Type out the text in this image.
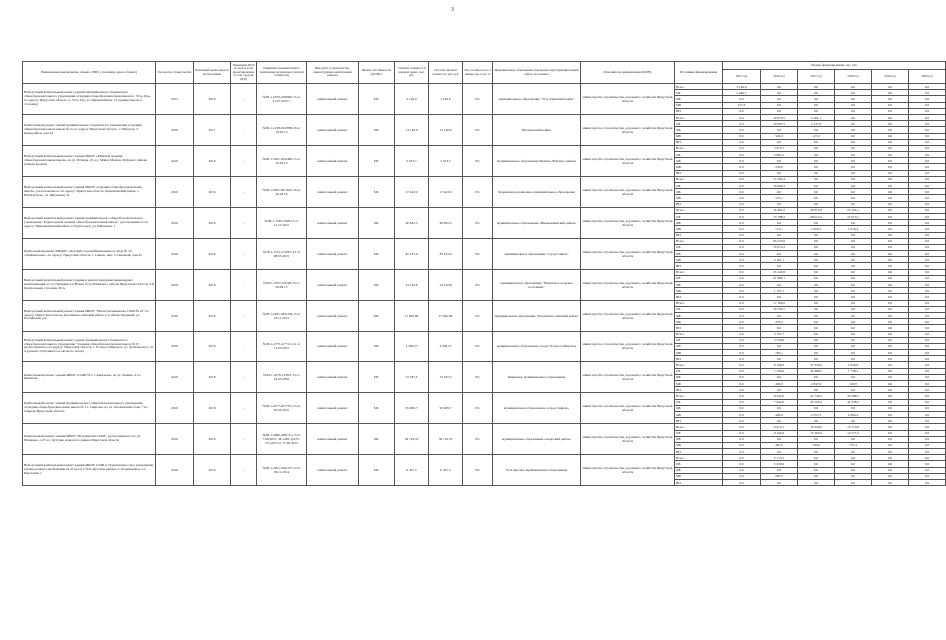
3
Наименование мероприятия, объекта, ПИР (с указанием адреса объекта)	Год начала строительства	Плановый период ввода в эксплуатацию	Реквизиты ПСД (в случае если проектирование за счет средств ОГБ)	Реквизиты положительного заключения экспертизы (сметной стоимости)	Вид работ (строительство, реконструкция, капитальный ремонт)	Форма собственности (ОГ/МС)	Сметная стоимость в текущих ценах, тыс. руб.	Остаток сметной стоимости, тыс. руб.	Тех. готовность на 1 января тек. года, %	Муниципальное образование (городской округ/муниципальный район, поселение)	Исполнитель (наименование ЦОГВ)	Источники финансирования	Объемы финансирования, тыс. руб.					
													2015 год	2016 год	2017 год	2018 год	2019 год	2020 год
Выборочный капитальный ремонт зданий муниципального бюджетного общеобразовательного учреждения «Средняя общеобразовательная школа п. Усть-Уда» по адресу: Иркутская область, п. Усть-Уда, ул. Первомайская, 13 (здание школы и столовая)	2015	2016	-	№38-1-2570-2/00000-15 от 31.07.2015 г.	капитальный ремонт	МС	3 146,0	3 146,0	0%	муниципальное образование "Усть-Удинский район"	министерство строительства, дорожного хозяйства Иркутской области	Всего	3 146,0	0,0	0,0	0,0	0,0	0,0
												ОБ	2 946,7	0,0	0,0	0,0	0,0	0,0
												ФБ	0,0	0,0	0,0	0,0	0,0	0,0
												МБ	157,3	0,0	0,0	0,0	0,0	0,0
												ВИ	0,0	0,0	0,0	0,0	0,0	0,0
Капитальный ремонт здания муниципального бюджетного учреждения «Средняя общеобразовательная школа № 2» по адресу: Иркутская область, г. Шелехов, 4 микрорайон, дом 44	2016	2017	-	№38-1-1238-02/0858-16 от 19.05.15	капитальный ремонт	МС	13 146,6	13 146,6	0%	Шелеховский район	министерство строительства, дорожного хозяйства Иркутской области	Всего	0,0	10 079,5	2 261,1	0,0	0,0	0,0
												ОБ	0,0	10 067,5	2 137,9	0,0	0,0	0,0
												ФБ	0,0	0,0	0,0	0,0	0,0	0,0
												МБ	0,0	502,0	127,2	0,0	0,0	0,0
												ВИ	0,0	0,0	0,0	0,0	0,0	0,0
Выборочный капитальный ремонт здания МКОУ «Майская средняя общеобразовательная школа» по ул. Победы, 10 в д. Майск Мамско-Чуйского района (замена кровли)	2016	2016	-	№38-1-5261-02/6490-15 от 25.05.15	капитальный ремонт	МС	5 913,7	5 913,7	0%	муниципальное образование Мамско-Чуйского района	министерство строительства, дорожного хозяйства Иркутской области	Всего	0,0	5 913,7	0,0	0,0	0,0	0,0
												ОБ	0,0	5 683,1	0,0	0,0	0,0	0,0
												ФБ	0,0	0,0	0,0	0,0	0,0	0,0
												МБ	0,0	230,6	0,0	0,0	0,0	0,0
												ВИ	0,0	0,0	0,0	0,0	0,0	0,0
Выборочный капитальный ремонт здания МКОУ «Средняя общеобразовательная школа», расположенного по адресу: Иркутская область, Черемховский район, с. Новогромово, ул. Школьная, 5Г	2016	2016	-	№38-1-0631-06/1632-16 от 26.04.16	капитальный ремонт	МС	17 443,9	17 443,9	0%	Черемховское районное муниципальное образование	министерство строительства, дорожного хозяйства Иркутской области	Всего	0,0	17 363,4	0,0	0,0	0,0	0,0
												ОБ	0,0	16 990,3	0,0	0,0	0,0	0,0
												ФБ	0,0	0,0	0,0	0,0	0,0	0,0
												МБ	0,0	373,1	0,0	0,0	0,0	0,0
												ВИ	0,0	0,0	0,0	0,0	0,0	0,0
Выборочный капитальный ремонт здания муниципального общеобразовательного учреждения "Рудногорская средняя общеобразовательная школа", расположенного по адресу: Нижнеилимский район, п. Рудногорск, ул. Школьная, 1	2016	2018	-	№38-1-1529-3528-15 от 12.12.2015	капитальный ремонт	МС	60 832,5	60 832,5	0%	муниципальное образование «Нижнеилимский район»	министерство строительства, дорожного хозяйства Иркутской области	Всего	0,0	14 481,6	29 012,8	21 324,1	0,0	0,0
												ОБ	0,0	13 788,3	28 012,2	21 013,7	0,0	0,0
												ФБ	0,0	0,0	0,0	0,0	0,0	0,0
												МБ	0,0	721,1	1 600,3	1 016,4	0,0	0,0
												ВИ	0,0	0,0	0,0	0,0	0,0	0,0
Капитальный ремонт МБДОУ «Детский сад комбинированного вида № 19 «Дюймовочка», по адресу: Иркутская область, г. Саянск, мкр. Солнечный, дом 22	2016	2016	-	№38-1-2512-2/529/5-15 от 08.05.2015	капитальный ремонт	МС	87 237,0	83 233,9	0%	муниципальное образование "город Саянск"	министерство строительства, дорожного хозяйства Иркутской области	Всего	0,0	83 233,9	0,0	0,0	0,0	0,0
												ОБ	0,0	79 072,2	0,0	0,0	0,0	0,0
												ФБ	0,0	0,0	0,0	0,0	0,0	0,0
												МБ	0,0	4 161,7	0,0	0,0	0,0	0,0
												ВИ	0,0	0,0	0,0	0,0	0,0	0,0
Выборочный капитальный ремонт здания и ремонт наружных инженерных коммуникаций по ул. Пушкина в п.Невон Усть-Илимского района Иркутской области, 2-й Центральная, строение 39 А	2016	2016	-	№38-1-2767-2/9798-15 от 04.09.15	капитальный ремонт	МС	23 120,8	23 120,8	0%	муниципальное образование "Невонское сельское поселение"	министерство строительства, дорожного хозяйства Иркутской области	Всего	0,0	23 120,8	0,0	0,0	0,0	0,0
												ОБ	0,0	21 989,1	0,0	0,0	0,0	0,0
												ФБ	0,0	0,0	0,0	0,0	0,0	0,0
												МБ	0,0	1 131,7	0,0	0,0	0,0	0,0
												ВИ	0,0	0,0	0,0	0,0	0,0	0,0
Выборочный капитальный ремонт здания МБОУ "Магистральнинская СОШ № 22" по адресу: Иркутская область, Казачинско-Ленский район, р.п. Магистральный, ул. Российская, д.4	2016	2016	-	№38-1-2931-2821/08-15 от 23.11.2015	капитальный ремонт	МС	17 962,99	17 962,99	0%	муниципальное образование "Казачинско-Ленский район"	министерство строительства, дорожного хозяйства Иркутской области	Всего	0,0	17 180,0	0,0	0,0	0,0	0,0
												ОБ	0,0	16 709,7	0,0	0,0	0,0	0,0
												ФБ	0,0	0,0	0,0	0,0	0,0	0,0
												МБ	0,0	470,3	0,0	0,0	0,0	0,0
												ВИ	0,0	0,0	0,0	0,0	0,0	0,0
Выборочный капитальный ремонт здания муниципального бюджетного общеобразовательного учреждения "Средняя общеобразовательная школа № 6", расположенного по адресу: Иркутская область, г. Усолье-Сибирское, ул. Луначарского, 21 А (ремонт спортивного и актового залов)	2016	2016	-	№38-1-2773-4/771/2-14 от 12.05.2015	капитальный ремонт	МС	4 590,27	4 590,27	0%	муниципальное образование города Усолье-Сибирское	министерство строительства, дорожного хозяйства Иркутской области	Всего	0,0	3 721,7	0,0	0,0	0,0	0,0
												ОБ	0,0	3 536,6	0,0	0,0	0,0	0,0
												ФБ	0,0	0,0	0,0	0,0	0,0	0,0
												МБ	0,0	185,1	0,0	0,0	0,0	0,0
												ВИ	0,0	0,0	0,0	0,0	0,0	0,0
Капитальный ремонт здания МБОУ «СОШ № 5 г. Киренска» по ул. Ленина, 4 в г. Киренске	2016	2018	-	№38-1-1976-1338/3-15 от 19.05.2016	капитальный ремонт	МС	72 187,2	72 187,2	0%	Киренское муниципальное образование	министерство строительства, дорожного хозяйства Иркутской области	Всего	0,0	8 199,6	37 336,2	1 930,9	0,0	0,0
												ОБ	0,0	7 709,6	34 488,2	1 738,2	0,0	0,0
												ФБ	0,0	0,0	0,0	0,0	0,0	0,0
												МБ	0,0	490,0	2 847,9	192,8	0,0	0,0
												ВИ	0,0	0,0	0,0	0,0	0,0	0,0
Капитальный ремонт здания муниципального общеобразовательного учреждения «Средняя общеобразовательная школа № 3 г. Свирска» по ул. Хасановских боев, 7 в г. Свирске Иркутской области	2016	2018	-	№38-1-0277-0277/01-15 от 05.04.2015	капитальный ремонт	МС	95 069,7	95 069,7	0%	муниципальное образование «город Свирск»	министерство строительства, дорожного хозяйства Иркутской области	Всего	0,0	8 342,0	41 746,5	45 298,3	0,0	0,0
												ОБ	0,0	7 942,0	39 193,2	42 338,3	0,0	0,0
												ФБ	0,0	0,0	0,0	0,0	0,0	0,0
												МБ	0,0	400,0	2 557,3	2 960,4	0,0	0,0
												ВИ	0,0	0,0	0,0	0,0	0,0	0,0
Капитальный ремонт здания МБОУ "Кутуликская СОШ", расположенного по ул. Матвеева, д.47 в п. Кутулик Аларского района Иркутской области	2016	2018	-	№38-1-2686-2687/15-15 от 7.08.2015, 38-1463-1(4/57-27)-2015 от 17.02.2015	капитальный ремонт	МС	39 716,55	39 716,55	0%	муниципальное образование «Аларский район»	министерство строительства, дорожного хозяйства Иркутской области	Всего	0,0	9 613,7	16 336,0	13 710,8	0,0	0,0
												ОБ	0,0	9 149,4	15 392,6	14 571,0	0,0	0,0
												ФБ	0,0	0,0	0,0	0,0	0,0	0,0
												МБ	0,0	481,6	793,6	757,4	0,0	0,0
												ВИ	0,0	0,0	0,0	0,0	0,0	0,0
Выборочный капитальный ремонт здания МКОУ СОШ п. Подкаменное (под размещение группы раннего пребывания на 25 мест) в Усть-Кутском районе, п. Подкаменное, ул. Березовая, 1	2016	2019	-	№38-1-2051-2561/07-14 от 06.11.2014	капитальный ремонт	МС	6 457,5	6 457,5	0%	Усть-Кутское муниципальное образование	министерство строительства, дорожного хозяйства Иркутской области	Всего	0,0	5 715,5	0,0	0,0	0,0	0,0
												ОБ	0,0	5 430,0	0,0	0,0	0,0	0,0
												ФБ	0,0	0,0	0,0	0,0	0,0	0,0
												МБ	0,0	285,5	0,0	0,0	0,0	0,0
												ВИ	0,0	0,0	0,0	0,0	0,0	0,0
